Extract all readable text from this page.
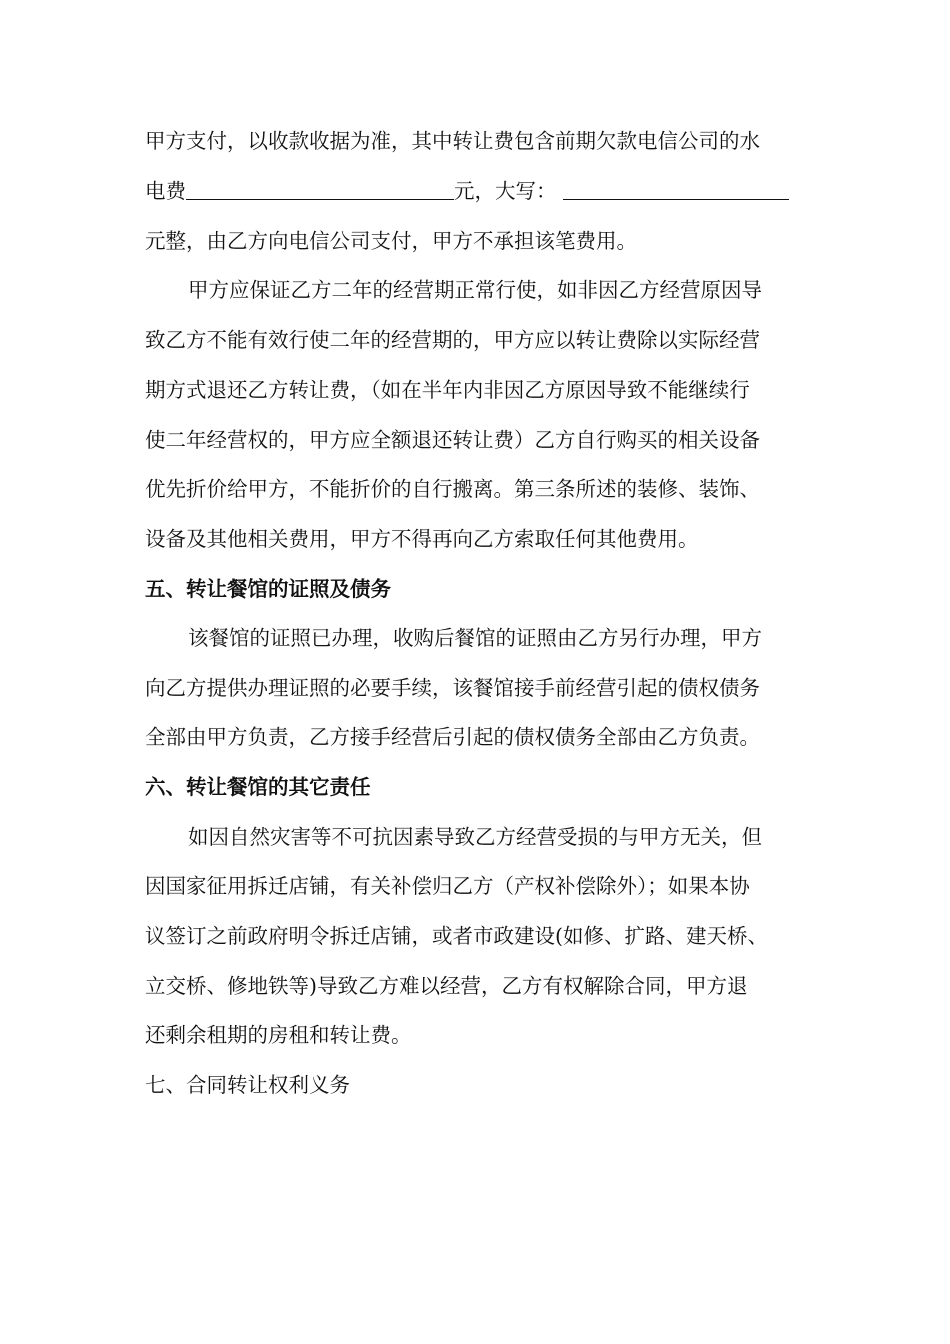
甲方支付，以收款收据为准，其中转让费包含前期欠款电信公司的水
电费	元，大写：
元整，由乙方向电信公司支付，甲方不承担该笔费用。
甲方应保证乙方二年的经营期正常行使，如非因乙方经营原因导
致乙方不能有效行使二年的经营期的，甲方应以转让费除以实际经营
期方式退还乙方转让费，（如在半年内非因乙方原因导致不能继续行
使二年经营权的，甲方应全额退还转让费）乙方自行购买的相关设备
优先折价给甲方，不能折价的自行搬离。第三条所述的装修、装饰、
设备及其他相关费用，甲方不得再向乙方索取任何其他费用。
五、转让餐馆的证照及债务
该餐馆的证照已办理，收购后餐馆的证照由乙方另行办理，甲方
向乙方提供办理证照的必要手续，该餐馆接手前经营引起的债权债务
全部由甲方负责，乙方接手经营后引起的债权债务全部由乙方负责。
六、转让餐馆的其它责任
如因自然灾害等不可抗因素导致乙方经营受损的与甲方无关，但
因国家征用拆迁店铺，有关补偿归乙方（产权补偿除外）；如果本协
议签订之前政府明令拆迁店铺，或者市政建设(如修、扩路、建天桥、
立交桥、修地铁等)导致乙方难以经营，乙方有权解除合同，甲方退
还剩余租期的房租和转让费。
七、合同转让权利义务
